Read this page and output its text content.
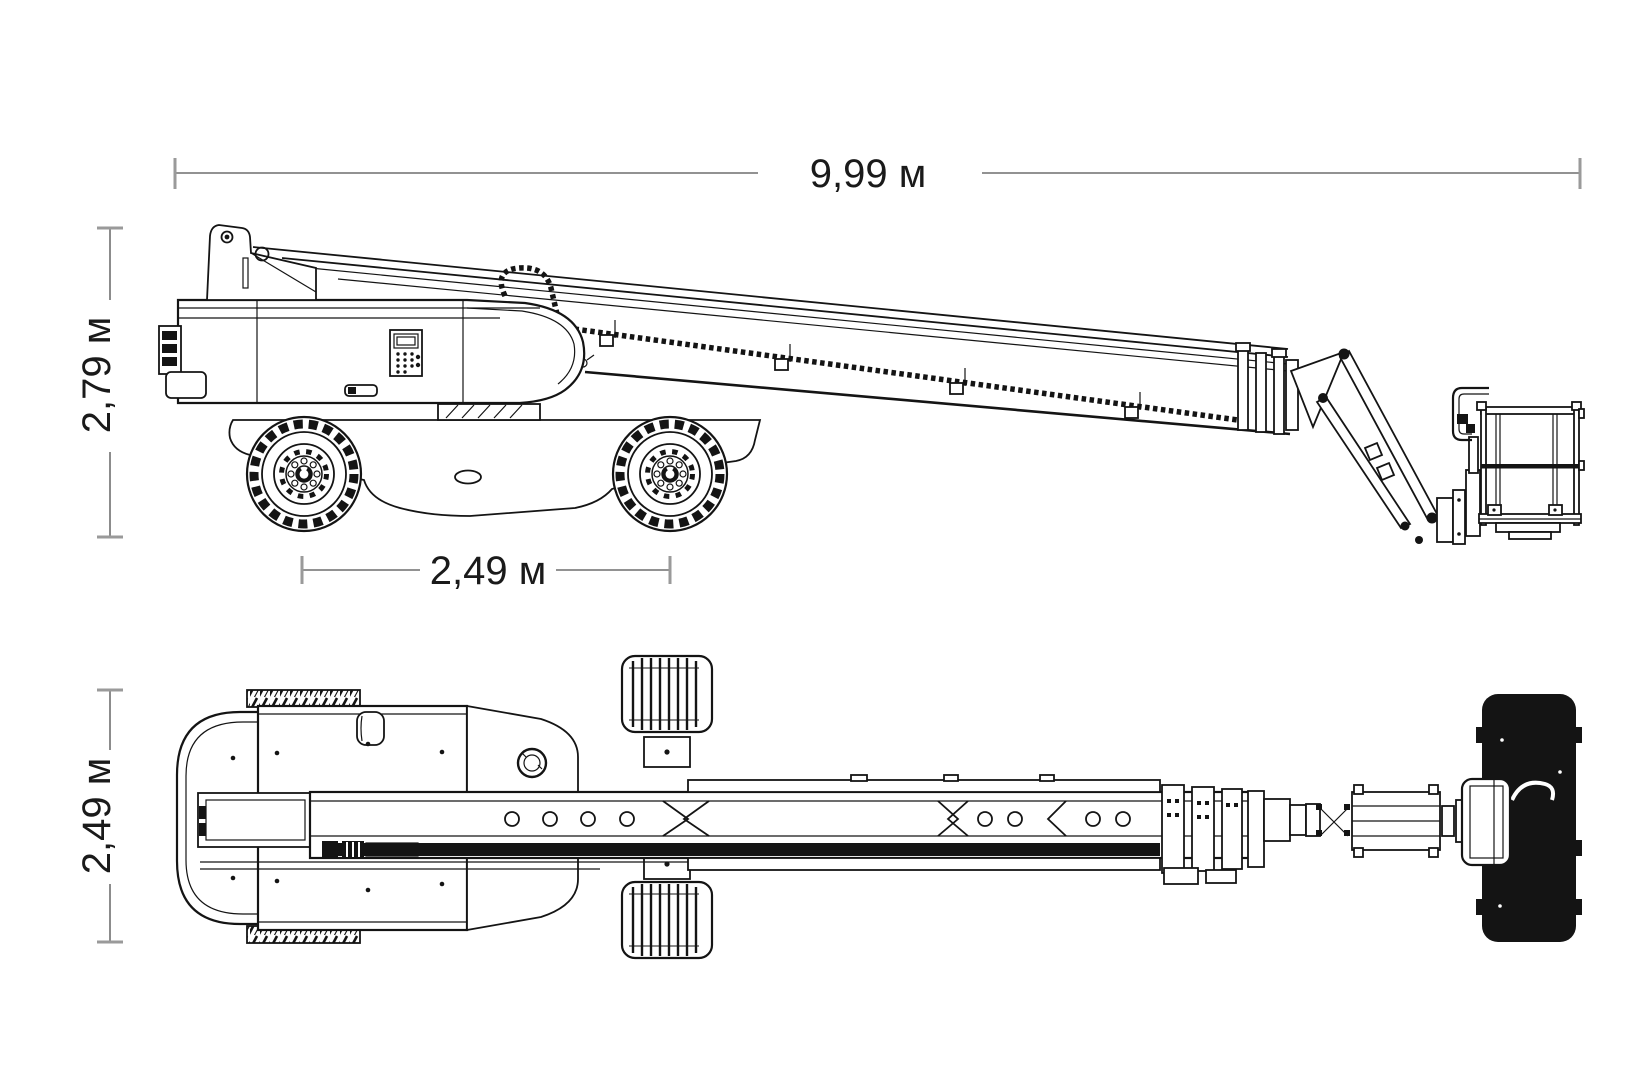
9,99 м
2,79 м
2,49 м
2,49 м
